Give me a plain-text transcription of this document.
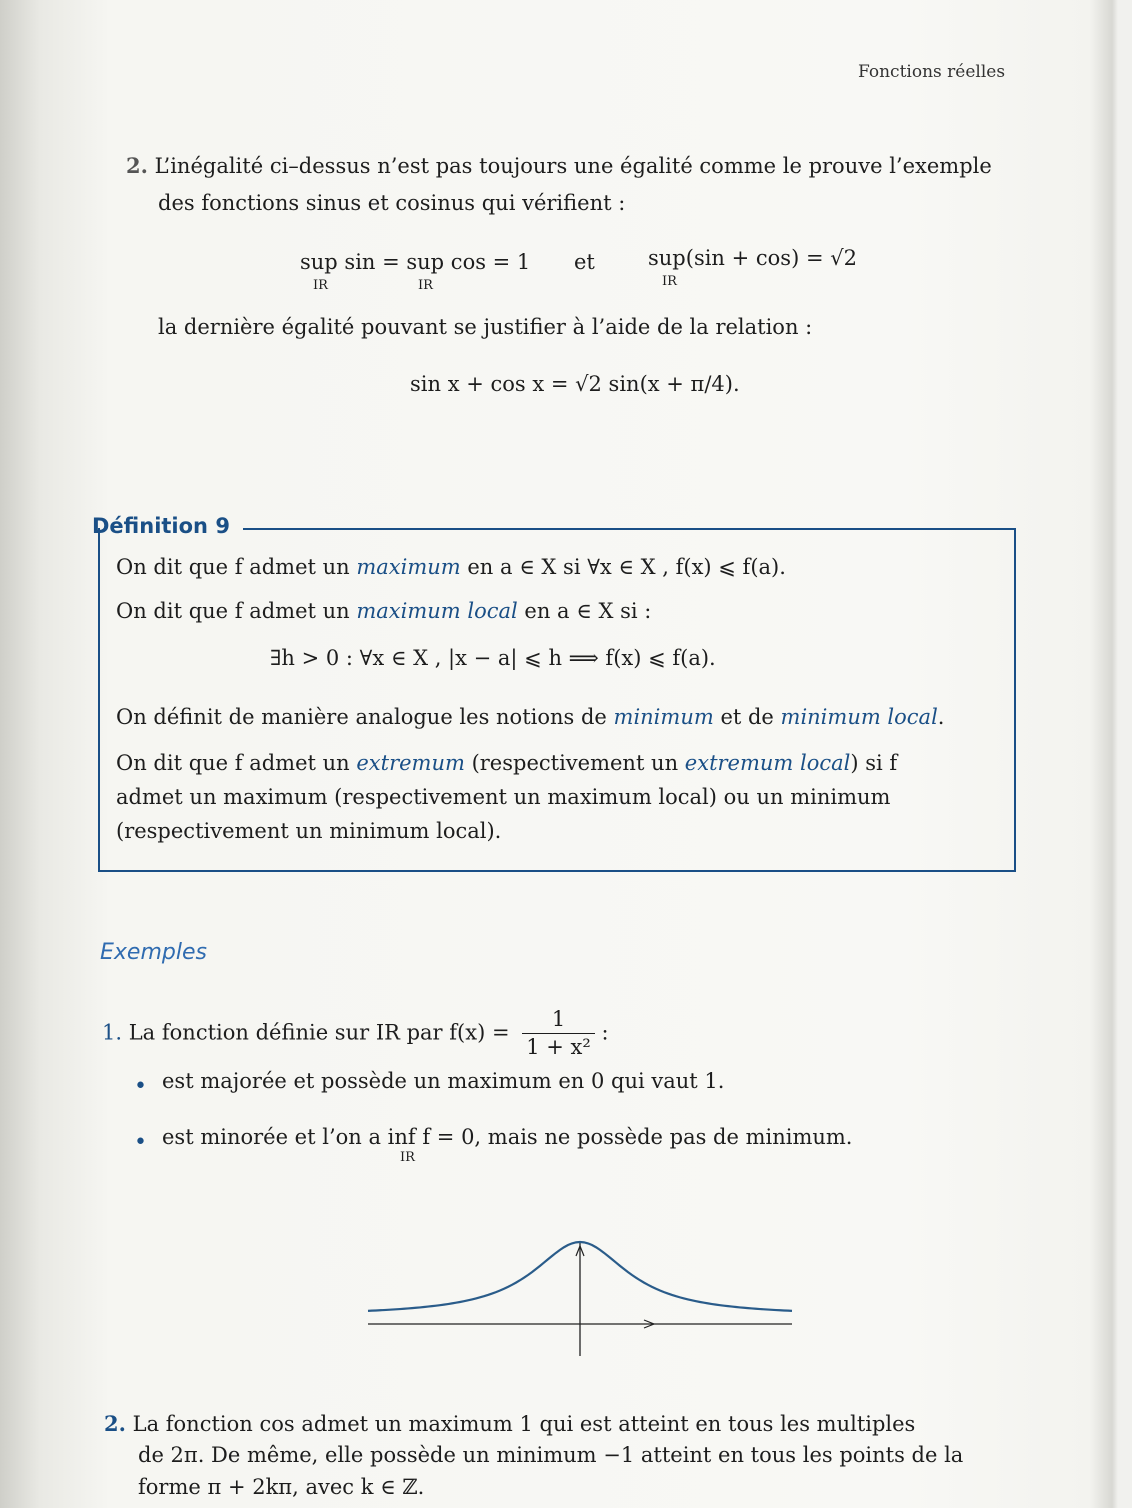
Fonctions réelles
2. L’inégalité ci–dessus n’est pas toujours une égalité comme le prouve l’exemple
des fonctions sinus et cosinus qui vérifient :
sup sin = sup cos = 1
IR	IR
et	sup(sin + cos) = √2
IR
la dernière égalité pouvant se justifier à l’aide de la relation :
sin x + cos x = √2 sin(x + π/4).
Définition 9
On dit que f admet un maximum en a ∈ X si ∀x ∈ X , f(x) ⩽ f(a).
On dit que f admet un maximum local en a ∈ X si :
∃h > 0 : ∀x ∈ X , |x − a| ⩽ h ⟹ f(x) ⩽ f(a).
On définit de manière analogue les notions de minimum et de minimum local.
On dit que f admet un extremum (respectivement un extremum local) si f
admet un maximum (respectivement un maximum local) ou un minimum
(respectivement un minimum local).
Exemples
1. La fonction définie sur IR par $f(x) = \frac{1}{\text{1 + x²}}$ :
• est majorée et possède un maximum en 0 qui vaut 1.
• est minorée et l’on a inf f = 0, mais ne possède pas de minimum.
IR
2. La fonction cos admet un maximum 1 qui est atteint en tous les multiples
de 2π. De même, elle possède un minimum −1 atteint en tous les points de la
forme π + 2kπ, avec k ∈ ℤ.
